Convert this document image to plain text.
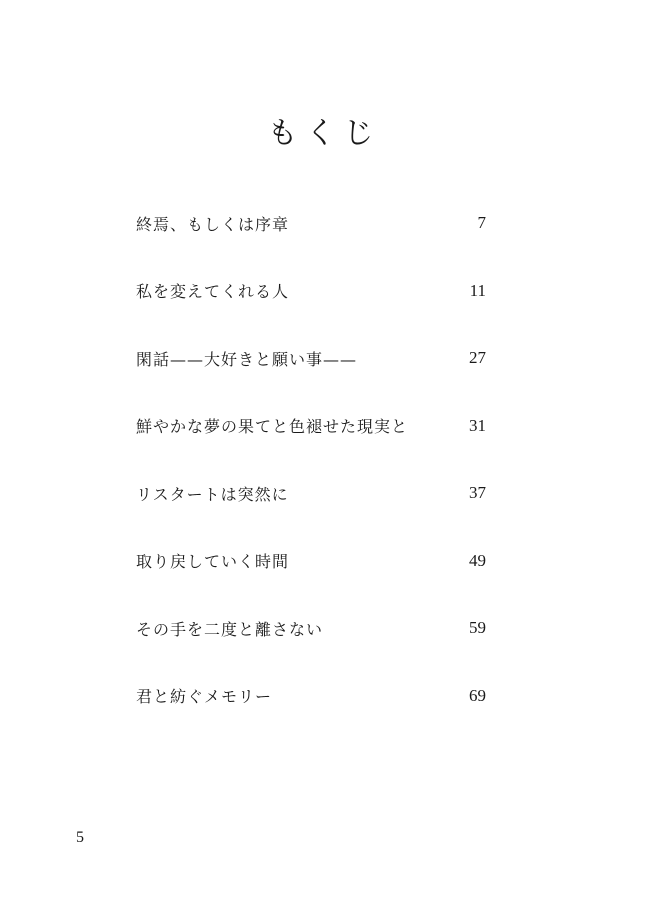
もくじ
終焉、もしくは序章	7
私を変えてくれる人	11
閑話——大好きと願い事——	27
鮮やかな夢の果てと色褪せた現実と	31
リスタートは突然に	37
取り戻していく時間	49
その手を二度と離さない	59
君と紡ぐメモリー	69
5
